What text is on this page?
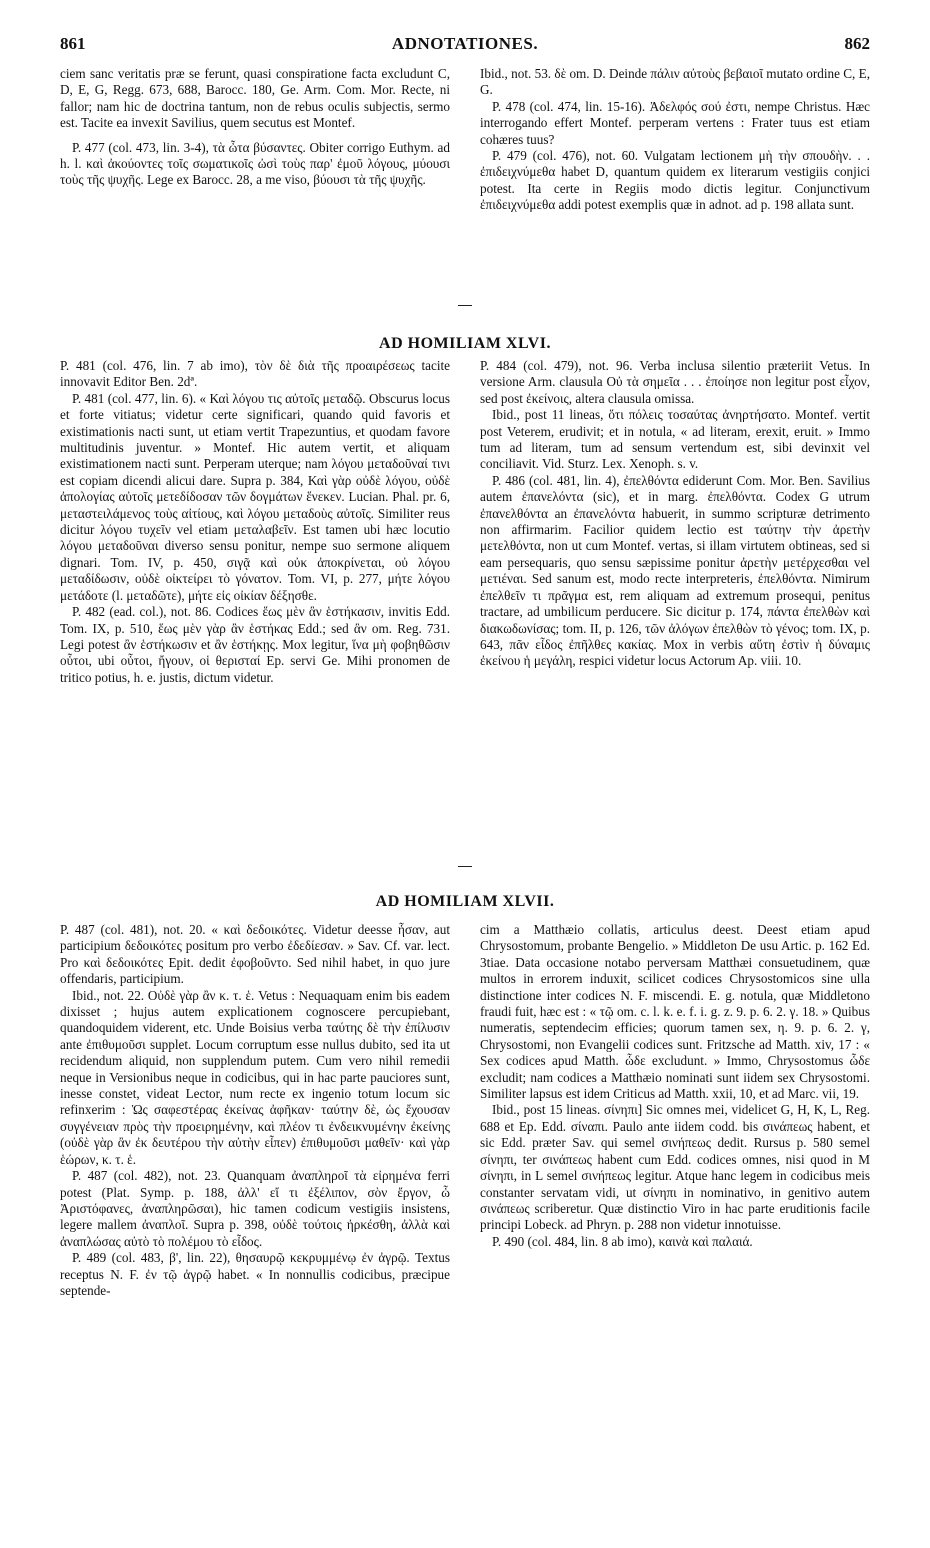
861	ADNOTATIONES.	862

ciem sanc veritatis præ se ferunt, quasi conspiratione facta excludunt C, D, E, G, Regg. 673, 688, Barocc. 180, Ge. Arm. Com. Mor. Recte, ni fallor; nam hic de doctrina tantum, non de rebus oculis subjectis, sermo est. Tacite ea invexit Savilius, quem secutus est Montef.

P. 477 (col. 473, lin. 3-4), τὰ ὦτα βύσαντες. Obiter corrigo Euthym. ad h. l. καὶ ἀκούοντες τοῖς σωματικοῖς ὠσὶ τοὺς παρ' ἐμοῦ λόγους, μύουσι τοὺς τῆς ψυχῆς. Lege ex Barocc. 28, a me viso, βύουσι τὰ τῆς ψυχῆς.

Ibid., not. 53. δὲ om. D. Deinde πάλιν αὐτοὺς βεβαιοῖ mutato ordine C, E, G.

P. 478 (col. 474, lin. 15-16). Ἀδελφός σού ἐστι, nempe Christus. Hæc interrogando effert Montef. perperam vertens : Frater tuus est etiam cohæres tuus?

P. 479 (col. 476), not. 60. Vulgatam lectionem μὴ τὴν σπουδὴν. . . ἐπιδειχνύμεθα habet D, quantum quidem ex literarum vestigiis conjici potest. Ita certe in Regiis modo dictis legitur. Conjunctivum ἐπιδειχνύμεθα addi potest exemplis quæ in adnot. ad p. 198 allata sunt.

AD HOMILIAM XLVI.

P. 481 (col. 476, lin. 7 ab imo), τὸν δὲ διὰ τῆς προαιρέσεως tacite innovavit Editor Ben. 2dª.

P. 481 (col. 477, lin. 6). « Καὶ λόγου τις αὐτοῖς μεταδῷ. Obscurus locus et forte vitiatus; videtur certe significari, quando quid favoris et existimationis nacti sunt, ut etiam vertit Trapezuntius, et quodam favore multitudinis juventur. » Montef. Hic autem vertit, et aliquam existimationem nacti sunt. Perperam uterque; nam λόγου μεταδοῦναί τινι est copiam dicendi alicui dare. Supra p. 384, Καὶ γὰρ οὐδὲ λόγου, οὐδὲ ἀπολογίας αὐτοῖς μετεδίδοσαν τῶν δογμάτων ἕνεκεν. Lucian. Phal. pr. 6, μεταστειλάμενος τοὺς αἰτίους, καὶ λόγου μεταδοὺς αὐτοῖς. Similiter reus dicitur λόγου τυχεῖν vel etiam μεταλαβεῖν. Est tamen ubi hæc locutio λόγου μεταδοῦναι diverso sensu ponitur, nempe suo sermone aliquem dignari. Tom. IV, p. 450, σιγᾷ καὶ οὐκ ἀποκρίνεται, οὐ λόγου μεταδίδωσιν, οὐδὲ οἰκτείρει τὸ γόνατον. Tom. VI, p. 277, μήτε λόγου μετάδοτε (l. μεταδῶτε), μήτε εἰς οἰκίαν δέξησθε.

P. 482 (ead. col.), not. 86. Codices ἕως μὲν ἂν ἑστήκασιν, invitis Edd. Tom. IX, p. 510, ἕως μὲν γὰρ ἂν ἑστήκας Edd.; sed ἂν om. Reg. 731. Legi potest ἂν ἑστήκωσιν et ἂν ἑστήκῃς. Mox legitur, ἵνα μὴ φοβηθῶσιν οὗτοι, ubi οὗτοι, ἤγουν, οἱ θερισταί Ep. servi Ge. Mihi pronomen de tritico potius, h. e. justis, dictum videtur.

P. 484 (col. 479), not. 96. Verba inclusa silentio præteriit Vetus. In versione Arm. clausula Οὐ τὰ σημεῖα . . . ἐποίησε non legitur post εἶχον, sed post ἐκείνοις, altera clausula omissa.

Ibid., post 11 lineas, ὅτι πόλεις τοσαύτας ἀνηρτήσατο. Montef. vertit post Veterem, erudivit; et in notula, « ad literam, erexit, eruit. » Immo tum ad literam, tum ad sensum vertendum est, sibi devinxit vel conciliavit. Vid. Sturz. Lex. Xenoph. s. v.

P. 486 (col. 481, lin. 4), ἐπελθόντα ediderunt Com. Mor. Ben. Savilius autem ἐπανελόντα (sic), et in marg. ἐπελθόντα. Codex G utrum ἐπανελθόντα an ἐπανελόντα habuerit, in summo scripturæ detrimento non affirmarim. Facilior quidem lectio est ταύτην τὴν ἀρετὴν μετελθόντα, non ut cum Montef. vertas, si illam virtutem obtineas, sed si eam persequaris, quo sensu sæpissime ponitur ἀρετὴν μετέρχεσθαι vel μετιέναι. Sed sanum est, modo recte interpreteris, ἐπελθόντα. Nimirum ἐπελθεῖν τι πρᾶγμα est, rem aliquam ad extremum prosequi, penitus tractare, ad umbilicum perducere. Sic dicitur p. 174, πάντα ἐπελθὼν καὶ διακωδωνίσας; tom. II, p. 126, τῶν ἀλόγων ἐπελθὼν τὸ γένος; tom. IX, p. 643, πᾶν εἶδος ἐπῆλθες κακίας. Mox in verbis αὕτη ἐστὶν ἡ δύναμις ἐκείνου ἡ μεγάλη, respici videtur locus Actorum Ap. viii. 10.

AD HOMILIAM XLVII.

P. 487 (col. 481), not. 20. « καὶ δεδοικότες. Videtur deesse ἦσαν, aut participium δεδοικότες positum pro verbo ἐδεδίεσαν. » Sav. Cf. var. lect. Pro καὶ δεδοικότες Epit. dedit ἐφοβοῦντο. Sed nihil habet, in quo jure offendaris, participium.

Ibid., not. 22. Οὐδὲ γὰρ ἂν κ. τ. ἑ. Vetus : Nequaquam enim bis eadem dixisset ; hujus autem explicationem cognoscere percupiebant, quandoquidem viderent, etc. Unde Boisius verba ταύτης δὲ τὴν ἐπίλυσιν ante ἐπιθυμοῦσι supplet. Locum corruptum esse nullus dubito, sed ita ut recidendum aliquid, non supplendum putem. Cum vero nihil remedii neque in Versionibus neque in codicibus, qui in hac parte pauciores sunt, inesse constet, videat Lector, num recte ex ingenio totum locum sic refinxerim : Ὡς σαφεστέρας ἐκείνας ἀφῆκαν· ταύτην δὲ, ὡς ἔχουσαν συγγένειαν πρὸς τὴν προειρημένην, καὶ πλέον τι ἐνδεικνυμένην ἐκείνης (οὐδὲ γὰρ ἂν ἐκ δευτέρου τὴν αὐτὴν εἶπεν) ἐπιθυμοῦσι μαθεῖν· καὶ γὰρ ἑώρων, κ. τ. ἑ.

P. 487 (col. 482), not. 23. Quanquam ἀναπληροῖ τὰ εἰρημένα ferri potest (Plat. Symp. p. 188, ἀλλ' εἴ τι ἐξέλιπον, σὸν ἔργον, ὦ Ἀριστόφανες, ἀναπληρῶσαι), hic tamen codicum vestigiis insistens, legere mallem ἀναπλοῖ. Supra p. 398, οὐδὲ τούτοις ἠρκέσθη, ἀλλὰ καὶ ἀναπλώσας αὐτὸ τὸ πολέμου τὸ εἶδος.

P. 489 (col. 483, β', lin. 22), θησαυρῷ κεκρυμμένῳ ἐν ἀγρῷ. Textus receptus N. F. ἐν τῷ ἀγρῷ habet. « In nonnullis codicibus, præcipue septende-

cim a Matthæio collatis, articulus deest. Deest etiam apud Chrysostomum, probante Bengelio. » Middleton De usu Artic. p. 162 Ed. 3tiae. Data occasione notabo perversam Matthæi consuetudinem, quæ multos in errorem induxit, scilicet codices Chrysostomicos sine ulla distinctione inter codices N. F. miscendi. E. g. notula, quæ Middletono fraudi fuit, hæc est : « τῷ om. c. l. k. e. f. i. g. z. 9. p. 6. 2. γ. 18. » Quibus numeratis, septendecim efficies; quorum tamen sex, η. 9. p. 6. 2. γ, Chrysostomi, non Evangelii codices sunt. Fritzsche ad Matth. xiv, 17 : « Sex codices apud Matth. ὧδε excludunt. » Immo, Chrysostomus ὧδε excludit; nam codices a Matthæio nominati sunt iidem sex Chrysostomi. Similiter lapsus est idem Criticus ad Matth. xxii, 10, et ad Marc. vii, 19.

Ibid., post 15 lineas. σίνηπι] Sic omnes mei, videlicet G, H, K, L, Reg. 688 et Ep. Edd. σίναπι. Paulo ante iidem codd. bis σινάπεως habent, et sic Edd. præter Sav. qui semel σινήπεως dedit. Rursus p. 580 semel σίνηπι, ter σινάπεως habent cum Edd. codices omnes, nisi quod in M σίνηπι, in L semel σινήπεως legitur. Atque hanc legem in codicibus meis constanter servatam vidi, ut σίνηπι in nominativo, in genitivo autem σινάπεως scriberetur. Quæ distinctio Viro in hac parte eruditionis facile principi Lobeck. ad Phryn. p. 288 non videtur innotuisse.

P. 490 (col. 484, lin. 8 ab imo), καινὰ καὶ παλαιά.
